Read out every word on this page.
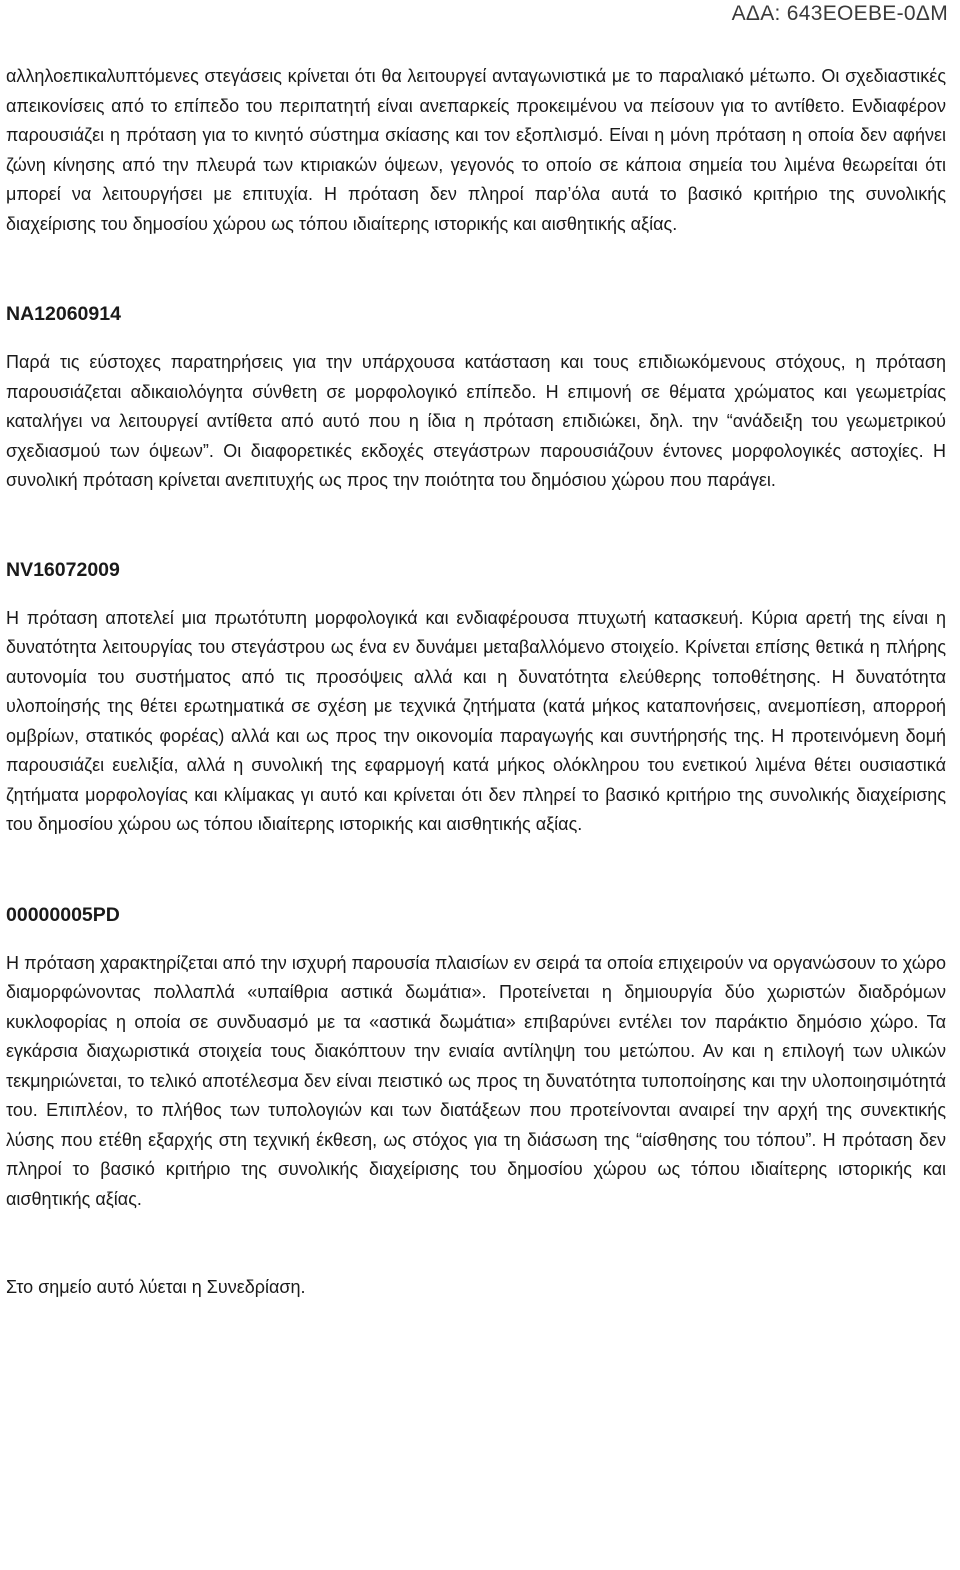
ΑΔΑ: 643ΕΟΕΒΕ-0ΔΜ

αλληλοεπικαλυπτόμενες στεγάσεις κρίνεται ότι θα λειτουργεί ανταγωνιστικά με το παραλιακό μέτωπο. Οι σχεδιαστικές απεικονίσεις από το επίπεδο του περιπατητή είναι ανεπαρκείς προκειμένου να πείσουν για το αντίθετο. Ενδιαφέρον παρουσιάζει η πρόταση για το κινητό σύστημα σκίασης και τον εξοπλισμό. Είναι η μόνη πρόταση η οποία δεν αφήνει ζώνη κίνησης από την πλευρά των κτιριακών όψεων, γεγονός το οποίο σε κάποια σημεία του λιμένα θεωρείται ότι μπορεί να λειτουργήσει με επιτυχία. Η πρόταση δεν πληροί παρ’όλα αυτά το βασικό κριτήριο της συνολικής διαχείρισης του δημοσίου χώρου ως τόπου ιδιαίτερης ιστορικής και αισθητικής αξίας.

NA12060914

Παρά τις εύστοχες παρατηρήσεις για την υπάρχουσα κατάσταση και τους επιδιωκόμενους στόχους, η πρόταση παρουσιάζεται αδικαιολόγητα σύνθετη σε μορφολογικό επίπεδο. Η επιμονή σε θέματα χρώματος και γεωμετρίας καταλήγει να λειτουργεί αντίθετα από αυτό που η ίδια η πρόταση επιδιώκει, δηλ. την “ανάδειξη του γεωμετρικού σχεδιασμού των όψεων”. Οι διαφορετικές εκδοχές στεγάστρων παρουσιάζουν έντονες μορφολογικές αστοχίες. Η συνολική πρόταση κρίνεται ανεπιτυχής ως προς την ποιότητα του δημόσιου χώρου που παράγει.

NV16072009

Η πρόταση αποτελεί μια πρωτότυπη μορφολογικά και ενδιαφέρουσα πτυχωτή κατασκευή. Κύρια αρετή της είναι η δυνατότητα λειτουργίας του στεγάστρου ως ένα εν δυνάμει μεταβαλλόμενο στοιχείο. Κρίνεται επίσης θετικά η πλήρης αυτονομία του συστήματος από τις προσόψεις αλλά και η δυνατότητα ελεύθερης τοποθέτησης. Η δυνατότητα υλοποίησής της θέτει ερωτηματικά σε σχέση με τεχνικά ζητήματα (κατά μήκος καταπονήσεις, ανεμοπίεση, απορροή ομβρίων, στατικός φορέας) αλλά και ως προς την οικονομία παραγωγής και συντήρησής της. Η προτεινόμενη δομή παρουσιάζει ευελιξία, αλλά η συνολική της εφαρμογή κατά μήκος ολόκληρου του ενετικού λιμένα θέτει ουσιαστικά ζητήματα μορφολογίας και κλίμακας γι αυτό και κρίνεται ότι δεν πληρεί το βασικό κριτήριο της συνολικής διαχείρισης του δημοσίου χώρου ως τόπου ιδιαίτερης ιστορικής και αισθητικής αξίας.

00000005PD

Η πρόταση χαρακτηρίζεται από την ισχυρή παρουσία πλαισίων εν σειρά τα οποία επιχειρούν να οργανώσουν το χώρο διαμορφώνοντας πολλαπλά «υπαίθρια αστικά δωμάτια». Προτείνεται η δημιουργία δύο χωριστών διαδρόμων κυκλοφορίας η οποία σε συνδυασμό με τα «αστικά δωμάτια» επιβαρύνει εντέλει τον παράκτιο δημόσιο χώρο. Τα εγκάρσια διαχωριστικά στοιχεία τους διακόπτουν την ενιαία αντίληψη του μετώπου. Αν και η επιλογή των υλικών τεκμηριώνεται, το τελικό αποτέλεσμα δεν είναι πειστικό ως προς τη δυνατότητα τυποποίησης και την υλοποιησιμότητά του. Επιπλέον, το πλήθος των τυπολογιών και των διατάξεων που προτείνονται αναιρεί την αρχή της συνεκτικής λύσης που ετέθη εξαρχής στη τεχνική έκθεση, ως στόχος για τη διάσωση της “αίσθησης του τόπου”. Η πρόταση δεν πληροί το βασικό κριτήριο της συνολικής διαχείρισης του δημοσίου χώρου ως τόπου ιδιαίτερης ιστορικής και αισθητικής αξίας.

Στο σημείο αυτό λύεται η Συνεδρίαση.
